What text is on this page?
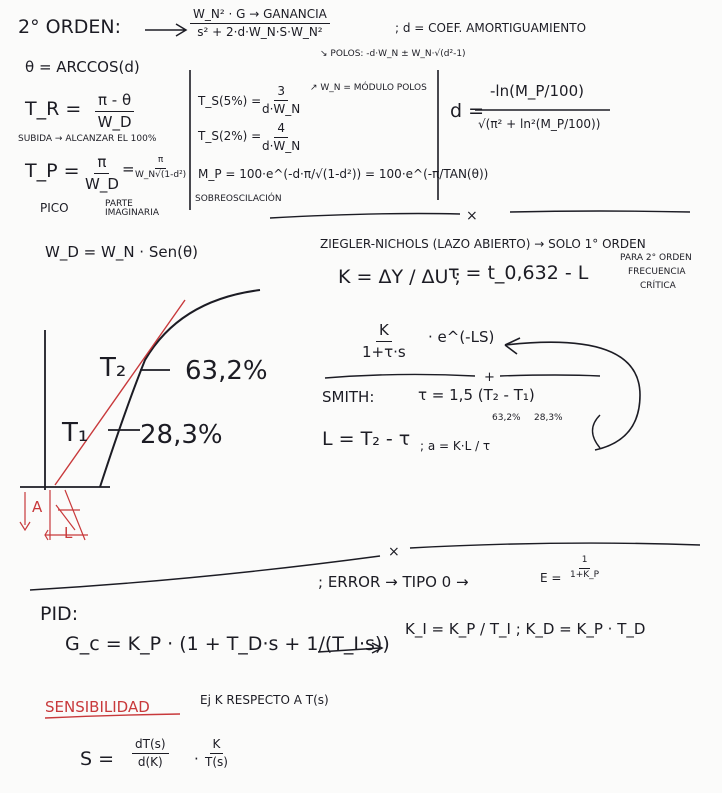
×
+
×
2° ORDEN:
W_N² · G → GANANCIA
s² + 2·d·W_N·S·W_N²	; d = COEF. AMORTIGUAMIENTO
↘ POLOS: -d·W_N ± W_N·√(d²-1)
θ = ARCCOS(d)
T_R = $\frac{\pi - \theta}{W\_D}$
SUBIDA → ALCANZAR EL 100%
T_P = $\frac{\pi}{W\_D} = \frac{\pi}{\text{W\_N√(1-d²)}}$
PICO	PARTE IMAGINARIA
W_D = W_N · Sen(θ)
T_S(5%) = $\frac{3}{d\cdot W\_N}$ ↗ W_N = MÓDULO POLOS
T_S(2%) = $\frac{4}{d\cdot W\_N}$
M_P = 100·e^(-d·π/√(1-d²)) = 100·e^(-π/TAN(θ))
SOBREOSCILACIÓN
d =
-ln(M_P/100)
√(π² + ln²(M_P/100))
ZIEGLER-NICHOLS (LAZO ABIERTO) → SOLO 1° ORDEN
K = ΔY / ΔU ;
τ = t_0,632 - L
PARA 2° ORDEN
FRECUENCIA
CRÍTICA
$\frac{K}{1+\tau\cdot s}$ · e^(-LS)
T₂ 63,2%
T₁ 28,3%
A
L
SMITH:	τ = 1,5 (T₂ - T₁)
63,2% 28,3%
L = T₂ - τ ; a = K·L / τ
; ERROR → TIPO 0 →	$E = \frac{1}{1+K\_P}$
PID:
G_c = K_P · (1 + T_D·s + 1/(T_I·s))
K_I = K_P / T_I ; K_D = K_P · T_D
SENSIBILIDAD	Ej K RESPECTO A T(s)
$S = \frac{dT(s)}{d(K)} \cdot \frac{K}{T(s)}$
